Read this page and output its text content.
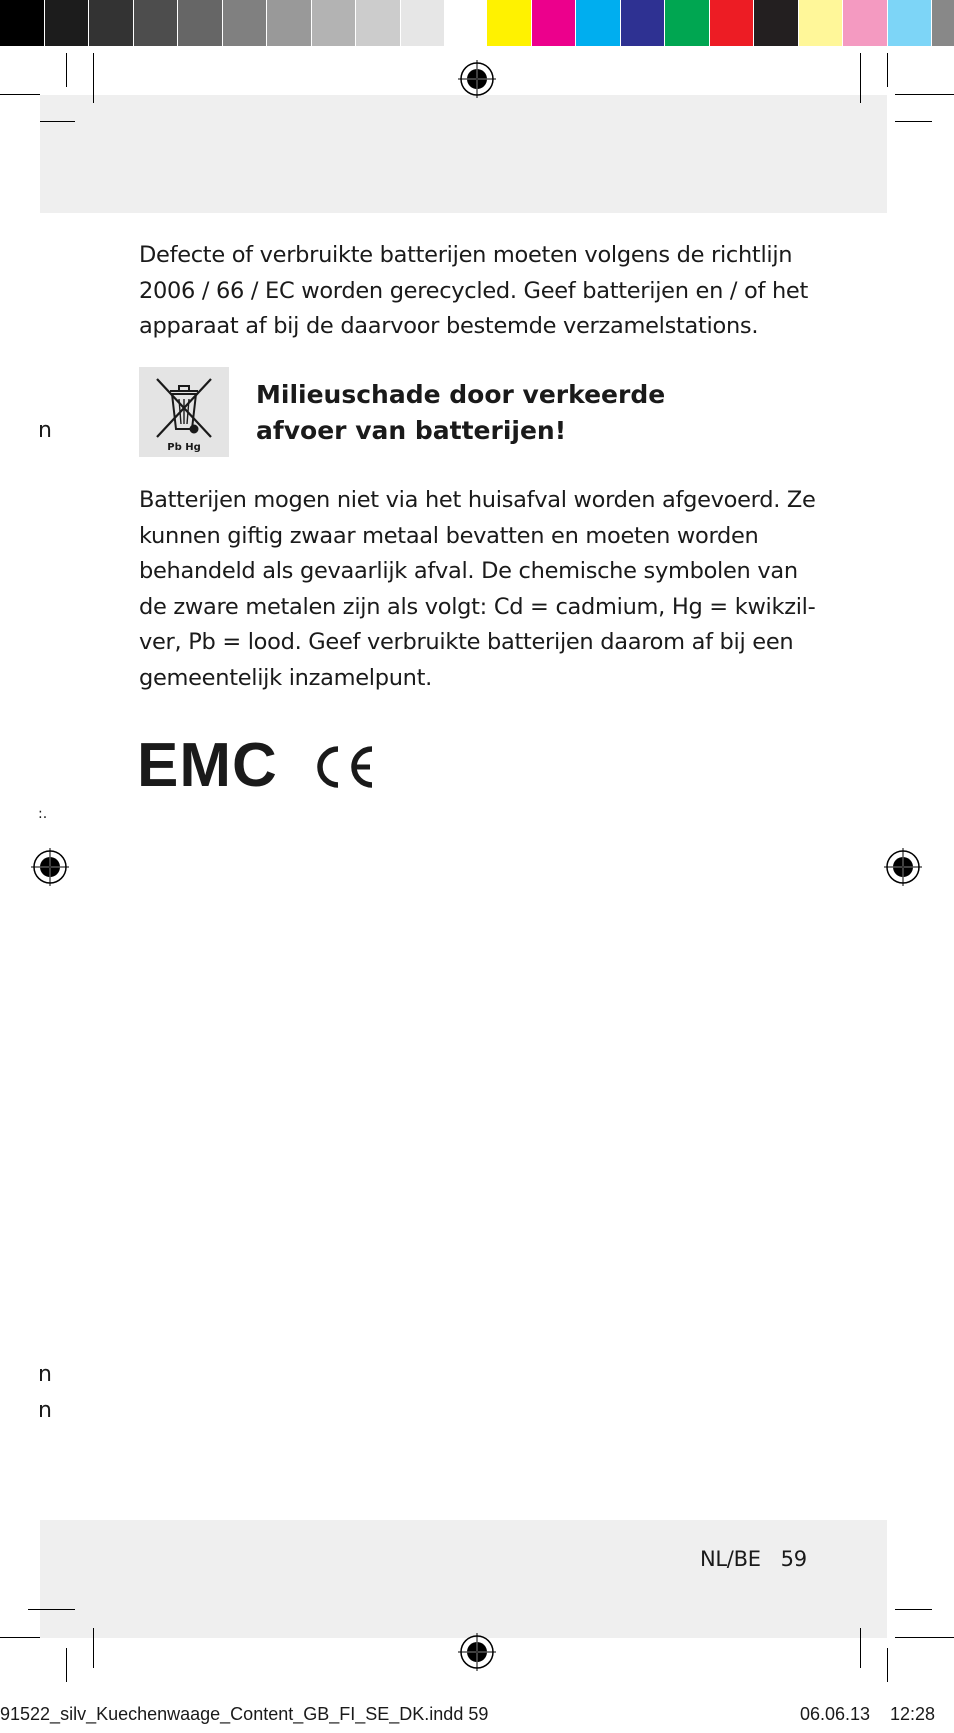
Defecte of verbruikte batterijen moeten volgens de richtlijn 2006 / 66 / EC worden gerecycled. Geef batterijen en / of het apparaat af bij de daarvoor bestemde verzamelstations.

Pb Hg
Milieuschade door verkeerde
afvoer van batterijen!

Batterijen mogen niet via het huisafval worden afgevoerd. Ze kunnen giftig zwaar metaal bevatten en moeten worden behandeld als gevaarlijk afval. De chemische symbolen van de zware metalen zijn als volgt: Cd = cadmium, Hg = kwikzil-ver, Pb = lood. Geef verbruikte batterijen daarom af bij een gemeentelijk inzamelpunt.

EMC

n
:.
n
n

NL/BE 59

91522_silv_Kuechenwaage_Content_GB_FI_SE_DK.indd 59	06.06.13 12:28
